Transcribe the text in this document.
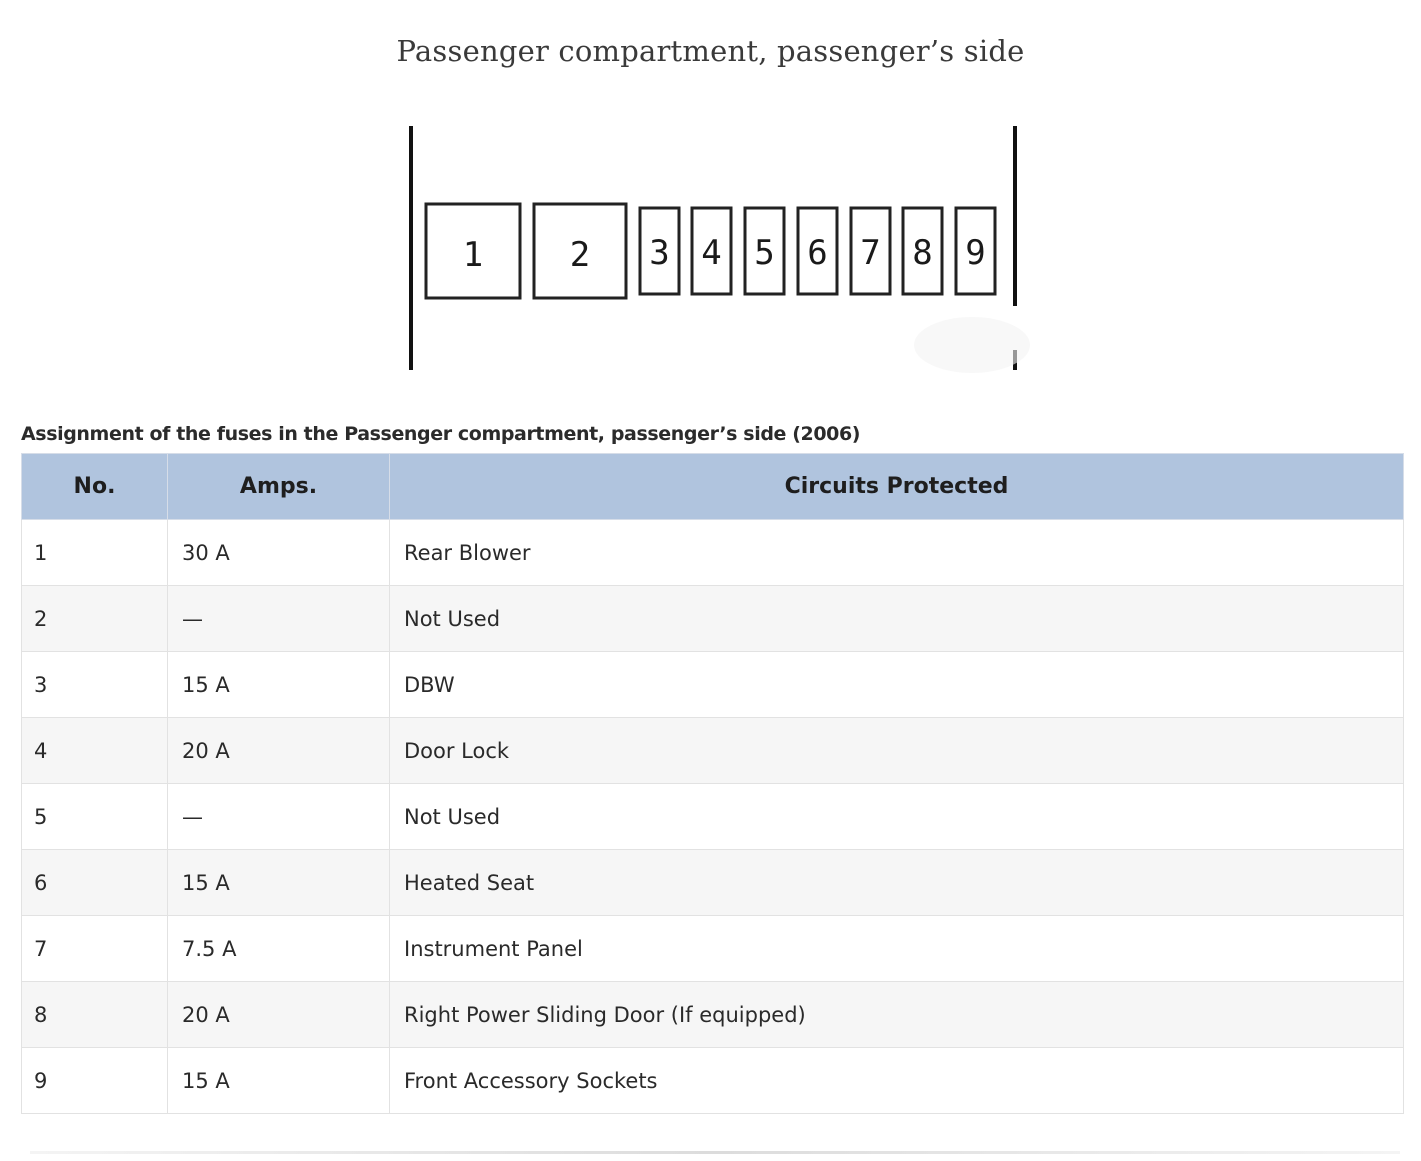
Passenger compartment, passenger’s side
1	2 3 4 5 6 7 8 9
Assignment of the fuses in the Passenger compartment, passenger’s side (2006)
No.	Amps.	Circuits Protected
1	30 A	Rear Blower
2	—	Not Used
3	15 A	DBW
4	20 A	Door Lock
5	—	Not Used
6	15 A	Heated Seat
7	7.5 A	Instrument Panel
8	20 A	Right Power Sliding Door (If equipped)
9	15 A	Front Accessory Sockets
